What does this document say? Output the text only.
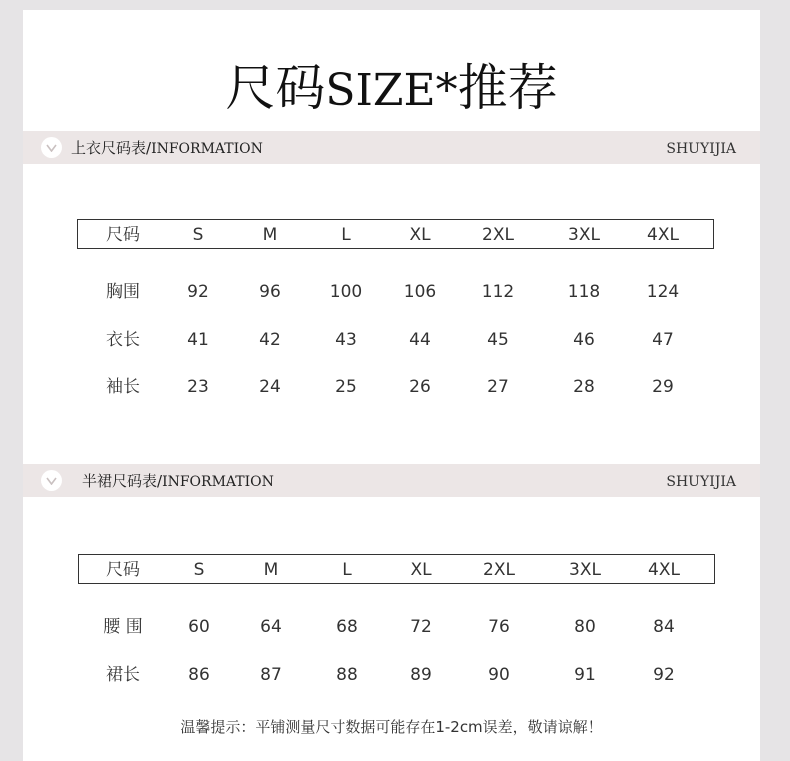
尺码SIZE*推荐
上衣尺码表/INFORMATION	SHUYIJIA
尺码	S	M	L	XL	2XL	3XL	4XL
胸围	92	96	100 106	112	118	124
衣长	41	42	43	44	45	46	47
袖长	23	24	25	26	27	28	29
半裙尺码表/INFORMATION	SHUYIJIA
尺码	S	M	L	XL	2XL	3XL	4XL
腰 围	60	64	68	72	76	80	84
裙长	86	87	88	89	90	91	92
温馨提示：平铺测量尺寸数据可能存在1-2cm误差，敬请谅解！
